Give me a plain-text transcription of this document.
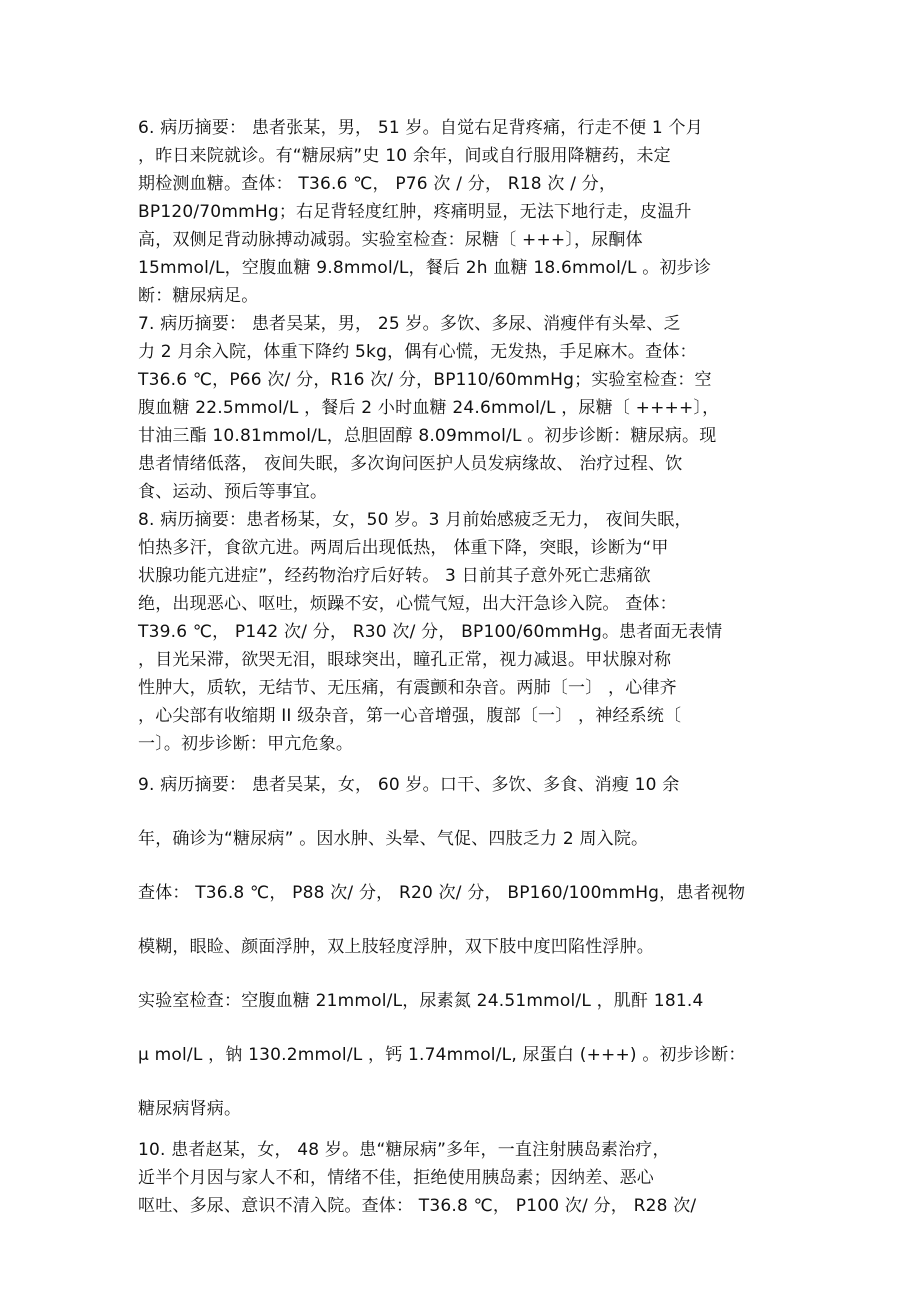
6. 病历摘要： 患者张某，男， 51 岁。自觉右足背疼痛，行走不便 1 个月
，昨日来院就诊。有“糖尿病”史 10 余年，间或自行服用降糖药，未定
期检测血糖。查体： T36.6 ℃， P76 次 / 分， R18 次 / 分，
BP120/70mmHg；右足背轻度红肿，疼痛明显，无法下地行走，皮温升
高，双侧足背动脉搏动减弱。实验室检查：尿糖〔 +++〕，尿酮体
15mmol/L，空腹血糖 9.8mmol/L，餐后 2h 血糖 18.6mmol/L 。初步诊
断：糖尿病足。
7. 病历摘要： 患者吴某，男， 25 岁。多饮、多尿、消瘦伴有头晕、乏
力 2 月余入院，体重下降约 5kg，偶有心慌，无发热，手足麻木。查体：
T36.6 ℃，P66 次/ 分，R16 次/ 分，BP110/60mmHg；实验室检查：空
腹血糖 22.5mmol/L ，餐后 2 小时血糖 24.6mmol/L ，尿糖〔 ++++〕，
甘油三酯 10.81mmol/L，总胆固醇 8.09mmol/L 。初步诊断：糖尿病。现
患者情绪低落， 夜间失眠，多次询问医护人员发病缘故、 治疗过程、饮
食、运动、预后等事宜。
8. 病历摘要：患者杨某，女，50 岁。3 月前始感疲乏无力， 夜间失眠，
怕热多汗，食欲亢进。两周后出现低热， 体重下降，突眼，诊断为“甲
状腺功能亢进症”，经药物治疗后好转。 3 日前其子意外死亡悲痛欲
绝，出现恶心、呕吐，烦躁不安，心慌气短，出大汗急诊入院。 查体：
T39.6 ℃， P142 次/ 分， R30 次/ 分， BP100/60mmHg。患者面无表情
，目光呆滞，欲哭无泪，眼球突出，瞳孔正常，视力减退。甲状腺对称
性肿大，质软，无结节、无压痛，有震颤和杂音。两肺〔一〕 ，心律齐
，心尖部有收缩期 II 级杂音，第一心音增强，腹部〔一〕 ，神经系统〔
一〕。初步诊断：甲亢危象。
9. 病历摘要： 患者吴某，女， 60 岁。口干、多饮、多食、消瘦 10 余
年，确诊为“糖尿病” 。因水肿、头晕、气促、四肢乏力 2 周入院。
查体： T36.8 ℃， P88 次/ 分， R20 次/ 分， BP160/100mmHg，患者视物
模糊，眼睑、颜面浮肿，双上肢轻度浮肿，双下肢中度凹陷性浮肿。
实验室检查：空腹血糖 21mmol/L，尿素氮 24.51mmol/L ，肌酐 181.4
μ mol/L ，钠 130.2mmol/L ，钙 1.74mmol/L, 尿蛋白 (+++) 。初步诊断：
糖尿病肾病。
10. 患者赵某，女， 48 岁。患“糖尿病”多年，一直注射胰岛素治疗，
近半个月因与家人不和，情绪不佳，拒绝使用胰岛素；因纳差、恶心
呕吐、多尿、意识不清入院。查体： T36.8 ℃， P100 次/ 分， R28 次/
